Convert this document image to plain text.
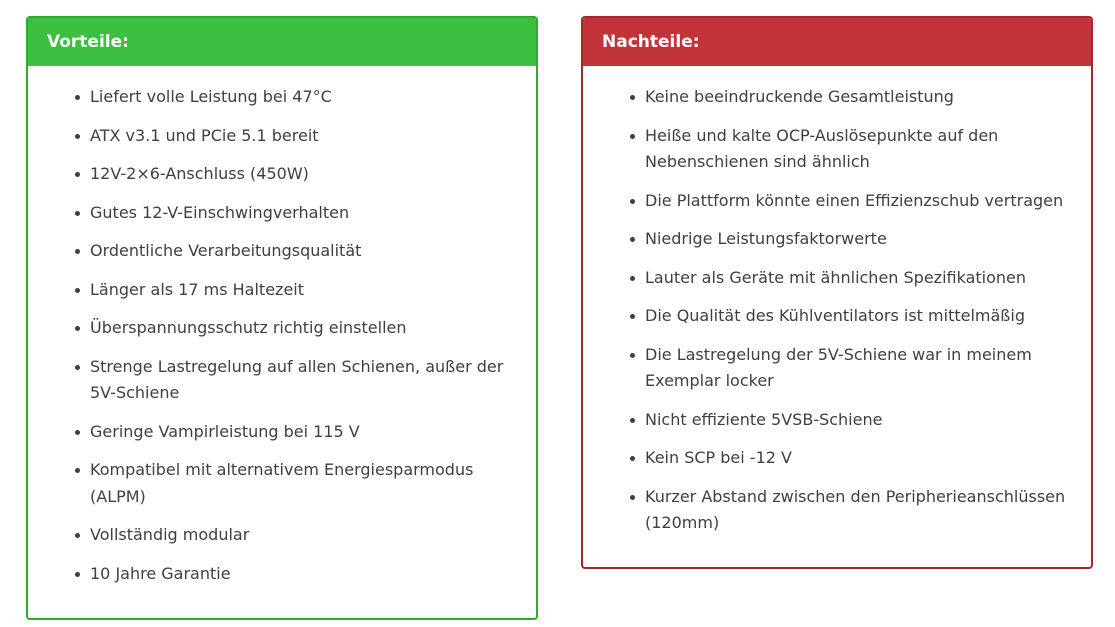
Vorteile:
Liefert volle Leistung bei 47°C
ATX v3.1 und PCie 5.1 bereit
12V-2×6-Anschluss (450W)
Gutes 12-V-Einschwingverhalten
Ordentliche Verarbeitungsqualität
Länger als 17 ms Haltezeit
Überspannungsschutz richtig einstellen
Strenge Lastregelung auf allen Schienen, außer der 5V-Schiene
Geringe Vampirleistung bei 115 V
Kompatibel mit alternativem Energiesparmodus (ALPM)
Vollständig modular
10 Jahre Garantie
Nachteile:
Keine beeindruckende Gesamtleistung
Heiße und kalte OCP-Auslösepunkte auf den Nebenschienen sind ähnlich
Die Plattform könnte einen Effizienzschub vertragen
Niedrige Leistungsfaktorwerte
Lauter als Geräte mit ähnlichen Spezifikationen
Die Qualität des Kühlventilators ist mittelmäßig
Die Lastregelung der 5V-Schiene war in meinem Exemplar locker
Nicht effiziente 5VSB-Schiene
Kein SCP bei -12 V
Kurzer Abstand zwischen den Peripherieanschlüssen (120mm)
